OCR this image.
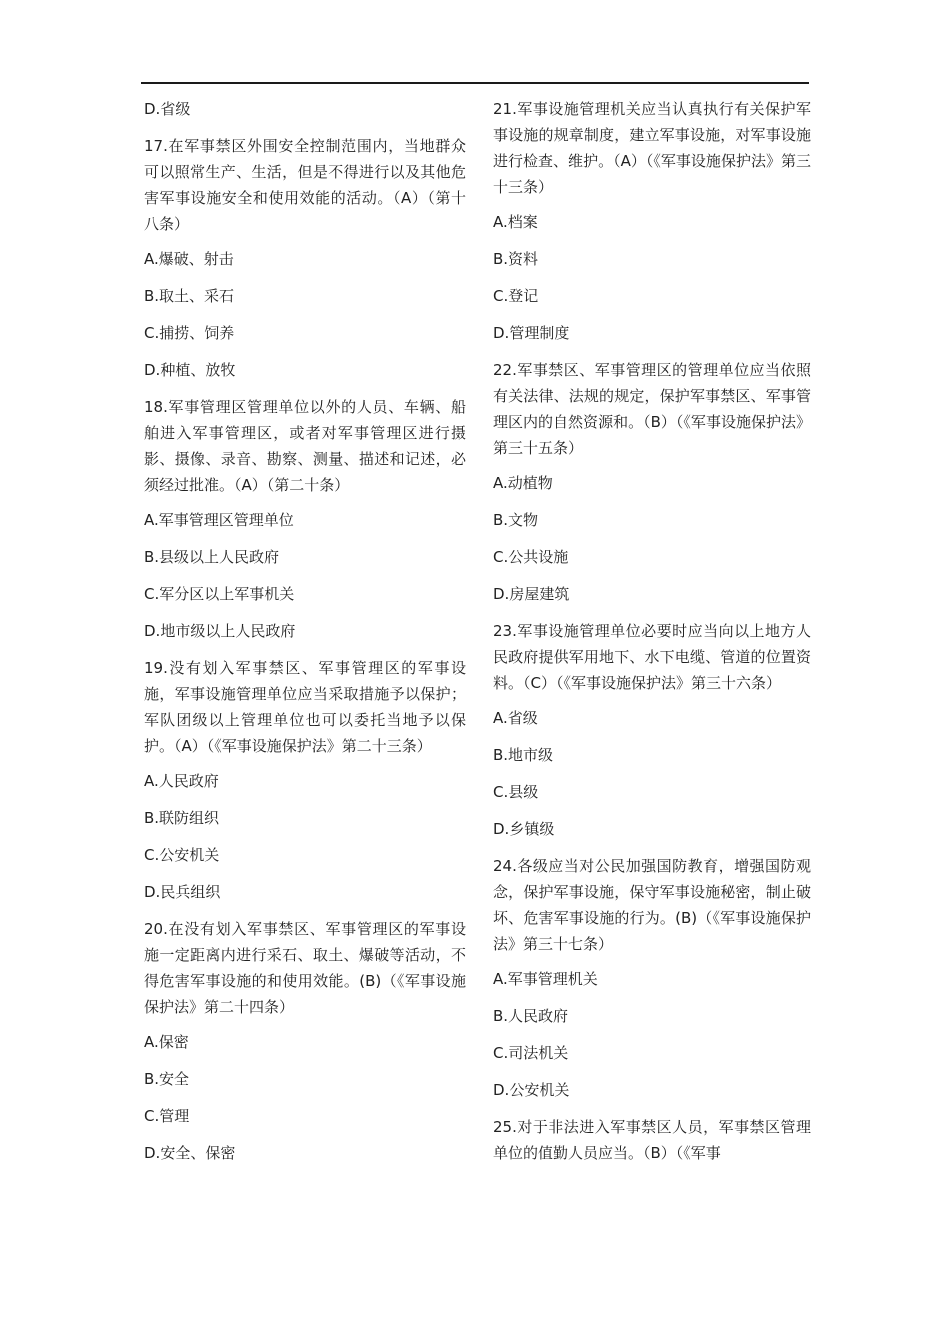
D.省级

17.在军事禁区外围安全控制范围内，当地群众可以照常生产、生活，但是不得进行以及其他危害军事设施安全和使用效能的活动。（A）（第十八条）

A.爆破、射击

B.取土、采石

C.捕捞、饲养

D.种植、放牧

18.军事管理区管理单位以外的人员、车辆、船舶进入军事管理区，或者对军事管理区进行摄影、摄像、录音、勘察、测量、描述和记述，必须经过批准。（A）（第二十条）

A.军事管理区管理单位

B.县级以上人民政府

C.军分区以上军事机关

D.地市级以上人民政府

19.没有划入军事禁区、军事管理区的军事设施，军事设施管理单位应当采取措施予以保护；军队团级以上管理单位也可以委托当地予以保护。（A）（《军事设施保护法》第二十三条）

A.人民政府

B.联防组织

C.公安机关

D.民兵组织

20.在没有划入军事禁区、军事管理区的军事设施一定距离内进行采石、取土、爆破等活动，不得危害军事设施的和使用效能。(B)（《军事设施保护法》第二十四条）

A.保密

B.安全

C.管理

D.安全、保密

21.军事设施管理机关应当认真执行有关保护军事设施的规章制度，建立军事设施，对军事设施进行检查、维护。（A）（《军事设施保护法》第三十三条）

A.档案

B.资料

C.登记

D.管理制度

22.军事禁区、军事管理区的管理单位应当依照有关法律、法规的规定，保护军事禁区、军事管理区内的自然资源和。（B）（《军事设施保护法》第三十五条）

A.动植物

B.文物

C.公共设施

D.房屋建筑

23.军事设施管理单位必要时应当向以上地方人民政府提供军用地下、水下电缆、管道的位置资料。（C）（《军事设施保护法》第三十六条）

A.省级

B.地市级

C.县级

D.乡镇级

24.各级应当对公民加强国防教育，增强国防观念，保护军事设施，保守军事设施秘密，制止破坏、危害军事设施的行为。(B)（《军事设施保护法》第三十七条）

A.军事管理机关

B.人民政府

C.司法机关

D.公安机关

25.对于非法进入军事禁区人员，军事禁区管理单位的值勤人员应当。（B）（《军事
